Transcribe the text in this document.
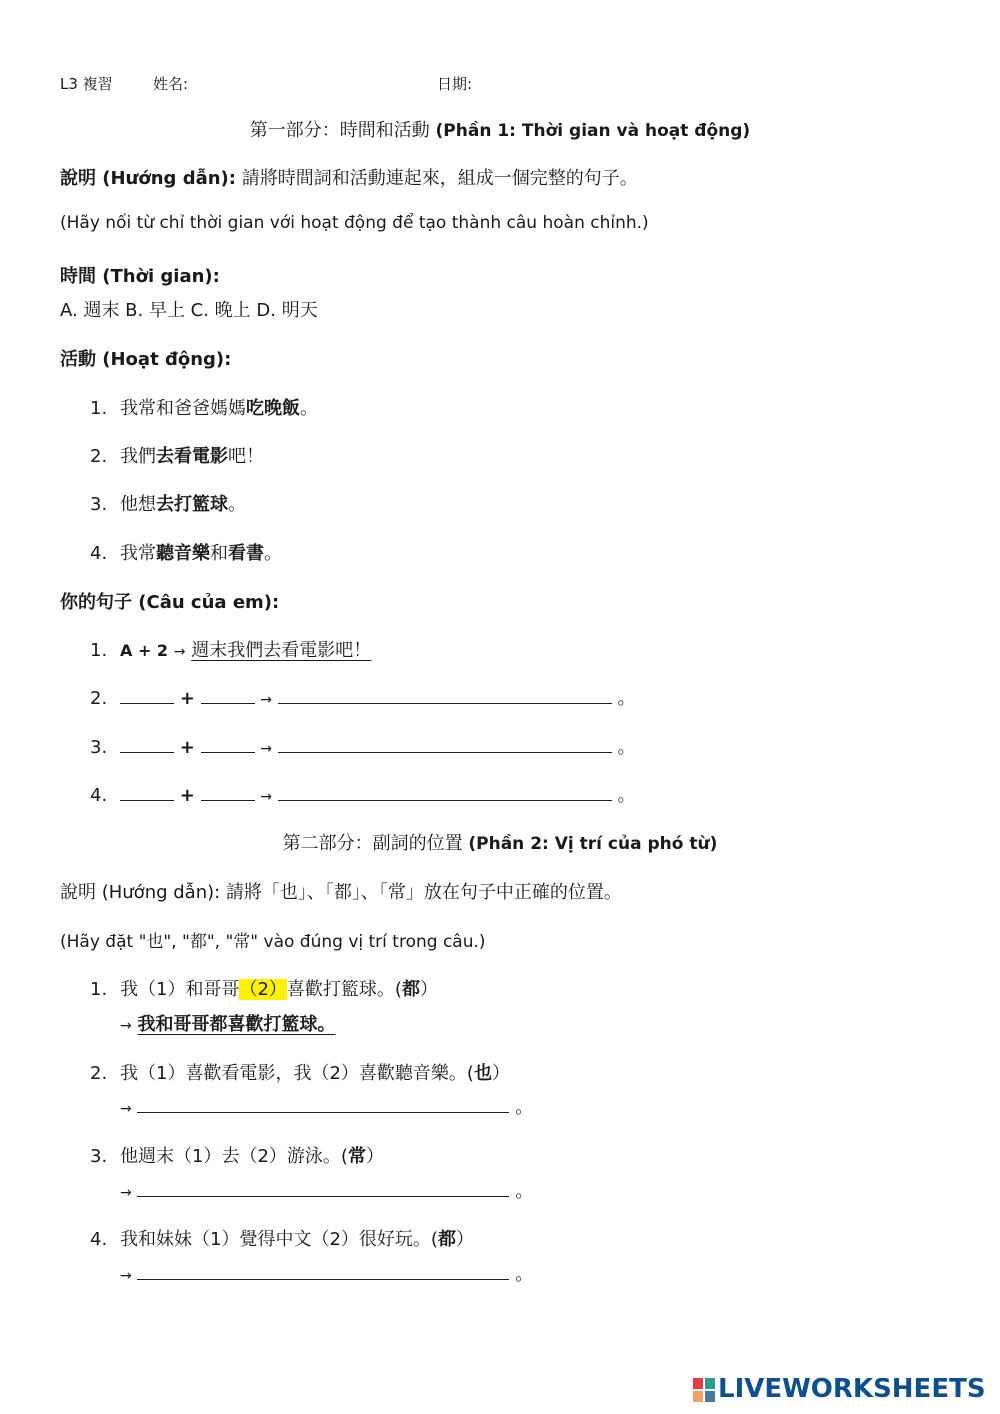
L3 複習	姓名:	日期:
第一部分：時間和活動 (Phần 1: Thời gian và hoạt động)
說明 (Hướng dẫn): 請將時間詞和活動連起來，組成一個完整的句子。
(Hãy nối từ chỉ thời gian với hoạt động để tạo thành câu hoàn chỉnh.)
時間 (Thời gian):
A. 週末 B. 早上 C. 晚上 D. 明天
活動 (Hoạt động):
1. 我常和爸爸媽媽吃晚飯。
2. 我們去看電影吧！
3. 他想去打籃球。
4. 我常聽音樂和看書。
你的句子 (Câu của em):
1. A + 2 → 週末我們去看電影吧！
2.	+	→	。
3.	+	→	。
4.	+	→	。
第二部分：副詞的位置 (Phần 2: Vị trí của phó từ)
說明 (Hướng dẫn): 請將「也」、「都」、「常」放在句子中正確的位置。
(Hãy đặt "也", "都", "常" vào đúng vị trí trong câu.)
1. 我（1）和哥哥（2）喜歡打籃球。(都）
→ 我和哥哥都喜歡打籃球。
2. 我（1）喜歡看電影，我（2）喜歡聽音樂。(也）
→	。
3. 他週末（1）去（2）游泳。(常）
→	。
4. 我和妹妹（1）覺得中文（2）很好玩。(都）
→	。
LIVEWORKSHEETS
